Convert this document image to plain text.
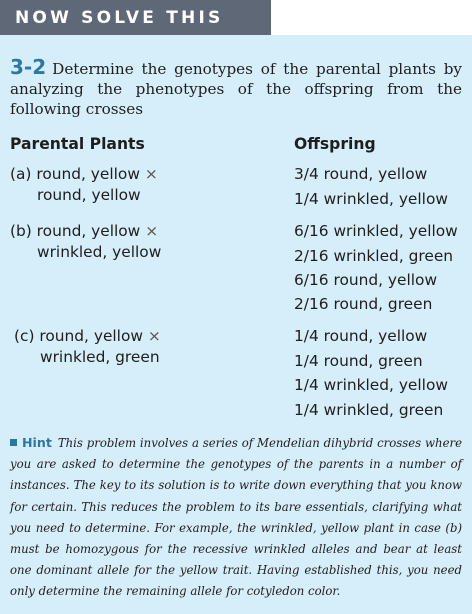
NOW SOLVE THIS

3-2 Determine the genotypes of the parental plants by analyzing the phenotypes of the offspring from the following crosses

Parental Plants	Offspring

(a) round, yellow ×

round, yellow

3/4 round, yellow

1/4 wrinkled, yellow

(b) round, yellow ×

wrinkled, yellow

6/16 wrinkled, yellow

2/16 wrinkled, green

6/16 round, yellow

2/16 round, green

(c) round, yellow ×

wrinkled, green

1/4 round, yellow

1/4 round, green

1/4 wrinkled, yellow

1/4 wrinkled, green

Hint This problem involves a series of Mendelian dihybrid crosses where you are asked to determine the genotypes of the parents in a number of instances. The key to its solution is to write down everything that you know for certain. This reduces the problem to its bare essentials, clarifying what you need to determine. For example, the wrinkled, yellow plant in case (b) must be homozygous for the recessive wrinkled alleles and bear at least one dominant allele for the yellow trait. Having established this, you need only determine the remaining allele for cotyledon color.
